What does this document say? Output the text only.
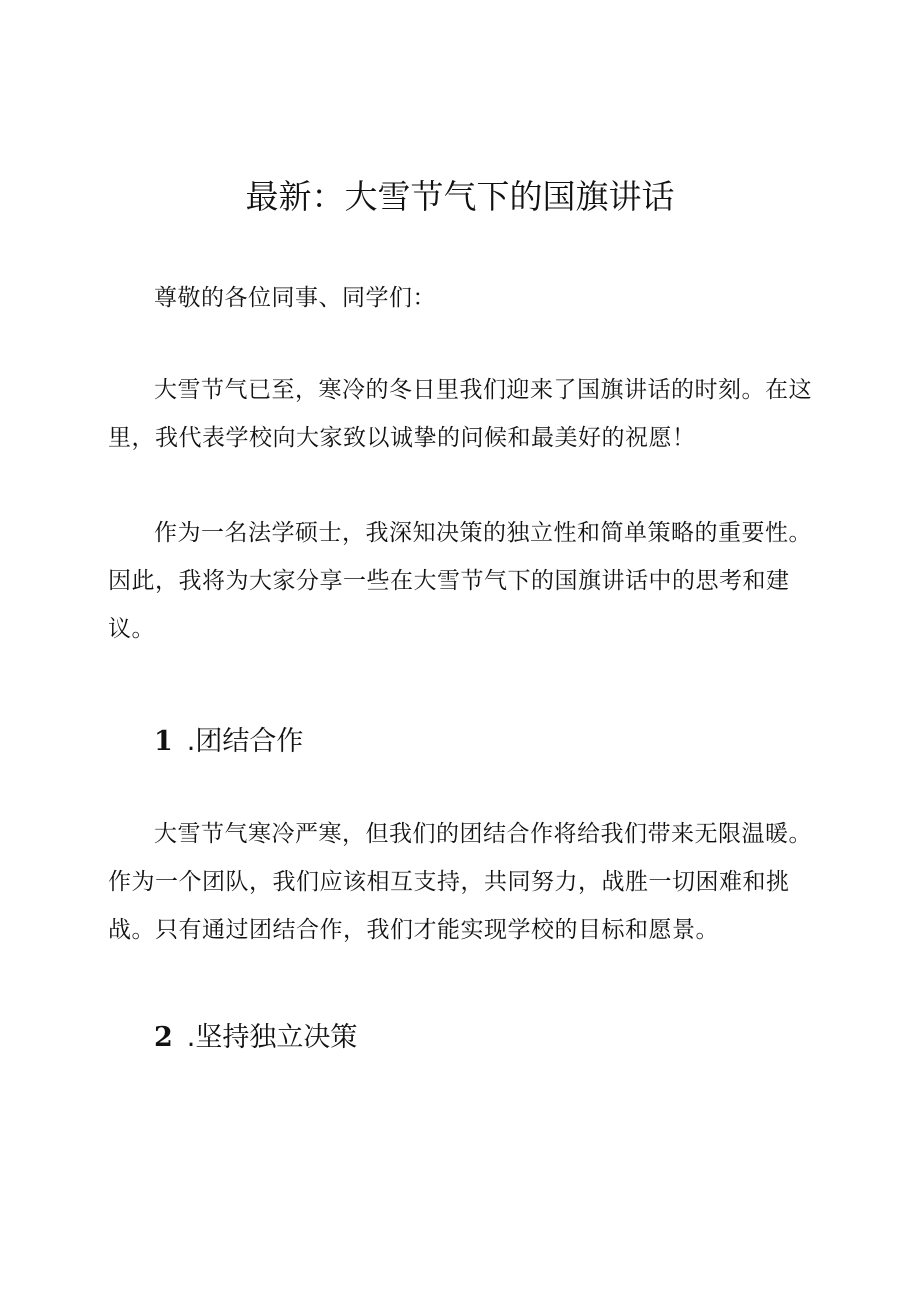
最新：大雪节气下的国旗讲话

尊敬的各位同事、同学们：

大雪节气已至，寒冷的冬日里我们迎来了国旗讲话的时刻。在这里，我代表学校向大家致以诚挚的问候和最美好的祝愿！

作为一名法学硕士，我深知决策的独立性和简单策略的重要性。因此，我将为大家分享一些在大雪节气下的国旗讲话中的思考和建议。

1 .团结合作

大雪节气寒冷严寒，但我们的团结合作将给我们带来无限温暖。作为一个团队，我们应该相互支持，共同努力，战胜一切困难和挑战。只有通过团结合作，我们才能实现学校的目标和愿景。

2 .坚持独立决策
